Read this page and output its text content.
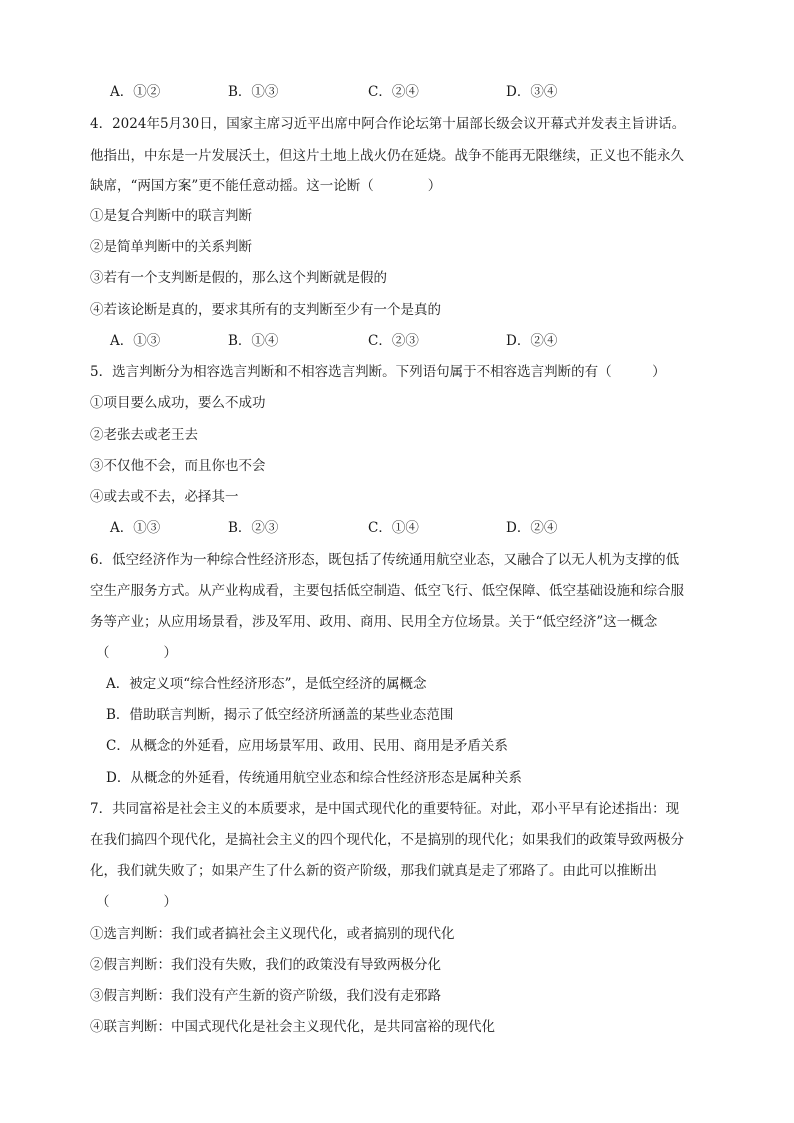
A．①②	B．①③	C．②④	D．③④
4．2024年5月30日，国家主席习近平出席中阿合作论坛第十届部长级会议开幕式并发表主旨讲话。
他指出，中东是一片发展沃土，但这片土地上战火仍在延烧。战争不能再无限继续，正义也不能永久
缺席，“两国方案”更不能任意动摇。这一论断（　　　　）
①是复合判断中的联言判断
②是简单判断中的关系判断
③若有一个支判断是假的，那么这个判断就是假的
④若该论断是真的，要求其所有的支判断至少有一个是真的
A．①③	B．①④	C．②③	D．②④
5．选言判断分为相容选言判断和不相容选言判断。下列语句属于不相容选言判断的有（　　　）
①项目要么成功，要么不成功
②老张去或老王去
③不仅他不会，而且你也不会
④或去或不去，必择其一
A．①③	B．②③	C．①④	D．②④
6．低空经济作为一种综合性经济形态，既包括了传统通用航空业态，又融合了以无人机为支撑的低
空生产服务方式。从产业构成看，主要包括低空制造、低空飞行、低空保障、低空基础设施和综合服
务等产业；从应用场景看，涉及军用、政用、商用、民用全方位场景。关于“低空经济”这一概念
（　　　　）
A．被定义项“综合性经济形态”，是低空经济的属概念
B．借助联言判断，揭示了低空经济所涵盖的某些业态范围
C．从概念的外延看，应用场景军用、政用、民用、商用是矛盾关系
D．从概念的外延看，传统通用航空业态和综合性经济形态是属种关系
7．共同富裕是社会主义的本质要求，是中国式现代化的重要特征。对此，邓小平早有论述指出：现
在我们搞四个现代化，是搞社会主义的四个现代化，不是搞别的现代化；如果我们的政策导致两极分
化，我们就失败了；如果产生了什么新的资产阶级，那我们就真是走了邪路了。由此可以推断出
（　　　　）
①选言判断：我们或者搞社会主义现代化，或者搞别的现代化
②假言判断：我们没有失败，我们的政策没有导致两极分化
③假言判断：我们没有产生新的资产阶级，我们没有走邪路
④联言判断：中国式现代化是社会主义现代化，是共同富裕的现代化
